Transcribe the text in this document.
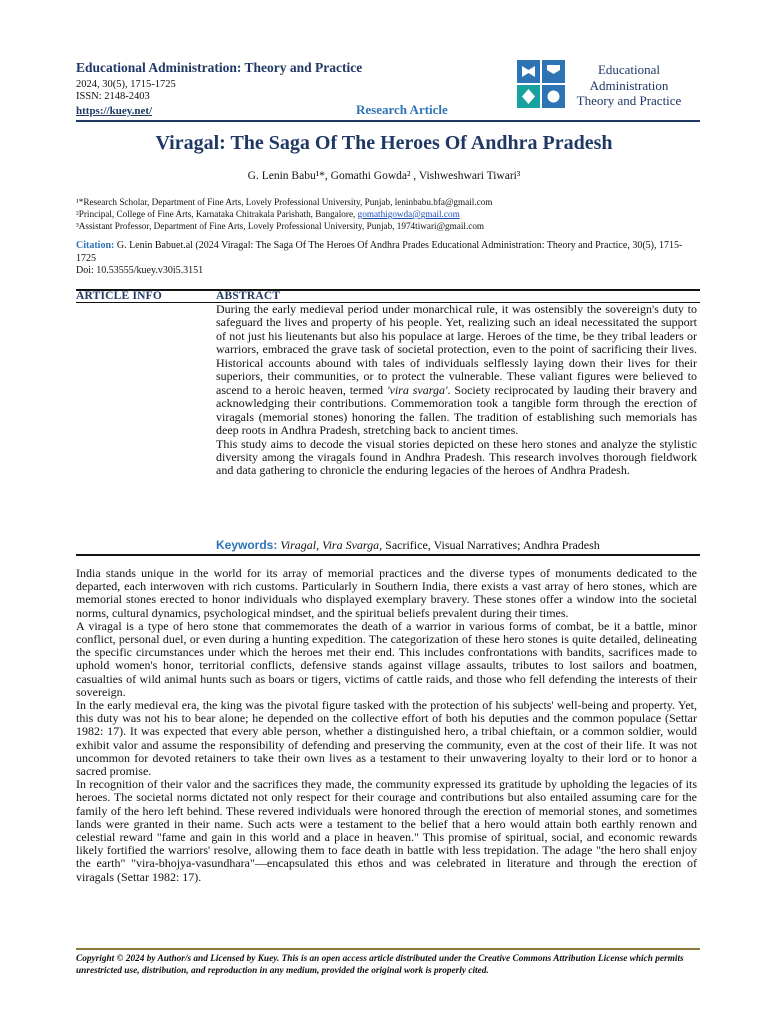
Educational Administration: Theory and Practice
2024, 30(5), 1715-1725
ISSN: 2148-2403
https://kuey.net/	Research Article
Educational
Administration
Theory and Practice
Viragal: The Saga Of The Heroes Of Andhra Pradesh
G. Lenin Babu¹*, Gomathi Gowda² , Vishweshwari Tiwari³
¹*Research Scholar, Department of Fine Arts, Lovely Professional University, Punjab, leninbabu.bfa@gmail.com
²Principal, College of Fine Arts, Karnataka Chitrakala Parishath, Bangalore, gomathigowda@gmail.com
³Assistant Professor, Department of Fine Arts, Lovely Professional University, Punjab, 1974tiwari@gmail.com
Citation: G. Lenin Babuet.al (2024 Viragal: The Saga Of The Heroes Of Andhra Prades Educational Administration: Theory and Practice, 30(5), 1715-1725
Doi: 10.53555/kuey.v30i5.3151
ARTICLE INFO	ABSTRACT

During the early medieval period under monarchical rule, it was ostensibly the sovereign's duty to safeguard the lives and property of his people. Yet, realizing such an ideal necessitated the support of not just his lieutenants but also his populace at large. Heroes of the time, be they tribal leaders or warriors, embraced the grave task of societal protection, even to the point of sacrificing their lives. Historical accounts abound with tales of individuals selflessly laying down their lives for their superiors, their communities, or to protect the vulnerable. These valiant figures were believed to ascend to a heroic heaven, termed 'vira svarga'. Society reciprocated by lauding their bravery and acknowledging their contributions. Commemoration took a tangible form through the erection of viragals (memorial stones) honoring the fallen. The tradition of establishing such memorials has deep roots in Andhra Pradesh, stretching back to ancient times.

This study aims to decode the visual stories depicted on these hero stones and analyze the stylistic diversity among the viragals found in Andhra Pradesh. This research involves thorough fieldwork and data gathering to chronicle the enduring legacies of the heroes of Andhra Pradesh.

Keywords: Viragal, Vira Svarga, Sacrifice, Visual Narratives; Andhra Pradesh

India stands unique in the world for its array of memorial practices and the diverse types of monuments dedicated to the departed, each interwoven with rich customs. Particularly in Southern India, there exists a vast array of hero stones, which are memorial stones erected to honor individuals who displayed exemplary bravery. These stones offer a window into the societal norms, cultural dynamics, psychological mindset, and the spiritual beliefs prevalent during their times.

A viragal is a type of hero stone that commemorates the death of a warrior in various forms of combat, be it a battle, minor conflict, personal duel, or even during a hunting expedition. The categorization of these hero stones is quite detailed, delineating the specific circumstances under which the heroes met their end. This includes confrontations with bandits, sacrifices made to uphold women's honor, territorial conflicts, defensive stands against village assaults, tributes to lost sailors and boatmen, casualties of wild animal hunts such as boars or tigers, victims of cattle raids, and those who fell defending the interests of their sovereign.

In the early medieval era, the king was the pivotal figure tasked with the protection of his subjects' well-being and property. Yet, this duty was not his to bear alone; he depended on the collective effort of both his deputies and the common populace (Settar 1982: 17). It was expected that every able person, whether a distinguished hero, a tribal chieftain, or a common soldier, would exhibit valor and assume the responsibility of defending and preserving the community, even at the cost of their life. It was not uncommon for devoted retainers to take their own lives as a testament to their unwavering loyalty to their lord or to honor a sacred promise.

In recognition of their valor and the sacrifices they made, the community expressed its gratitude by upholding the legacies of its heroes. The societal norms dictated not only respect for their courage and contributions but also entailed assuming care for the family of the hero left behind. These revered individuals were honored through the erection of memorial stones, and sometimes lands were granted in their name. Such acts were a testament to the belief that a hero would attain both earthly renown and celestial reward "fame and gain in this world and a place in heaven." This promise of spiritual, social, and economic rewards likely fortified the warriors' resolve, allowing them to face death in battle with less trepidation. The adage "the hero shall enjoy the earth" "vira-bhojya-vasundhara"—encapsulated this ethos and was celebrated in literature and through the erection of viragals (Settar 1982: 17).

Copyright © 2024 by Author/s and Licensed by Kuey. This is an open access article distributed under the Creative Commons Attribution License which permits unrestricted use, distribution, and reproduction in any medium, provided the original work is properly cited.
